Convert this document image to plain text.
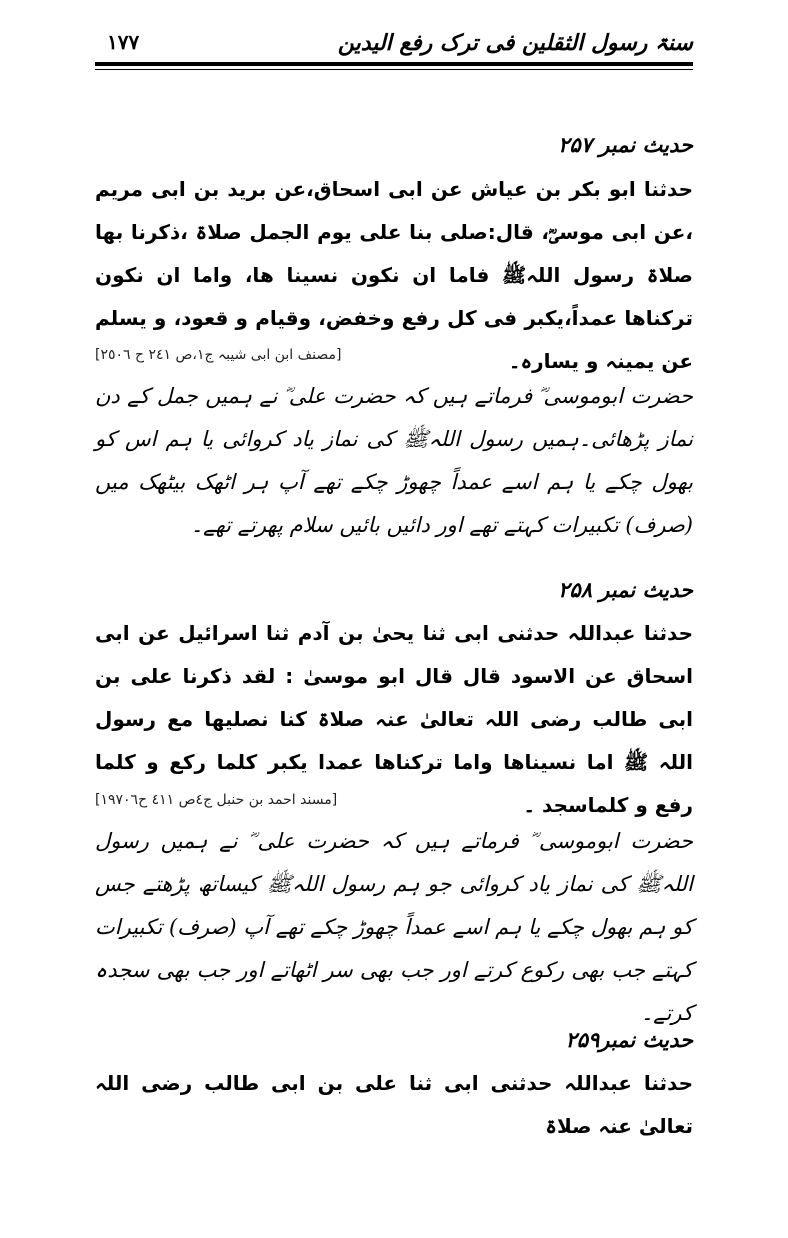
سنۃ رسول الثقلین فی ترک رفع الیدین
۱۷۷
حدیث نمبر ۲۵۷
حدثنا ابو بکر بن عیاش عن ابی اسحاق،عن برید بن ابی مریم ،عن ابی موسیؓ، قال:صلی بنا علی یوم الجمل صلاۃ ،ذکرنا بھا صلاۃ رسول اللہﷺ فاما ان نکون نسینا ھا، واما ان نکون ترکناھا عمداً،یکبر فی کل رفع وخفض، وقیام و قعود، و یسلم عن یمینہ و یسارہ۔
[مصنف ابن ابی شیبہ ج۱،ص ۲٤۱ ح ۲٥٠٦]
حضرت ابوموسی ؓ فرماتے ہیں کہ حضرت علی ؓ نے ہمیں جمل کے دن نماز پڑھائی۔ہمیں رسول اللہﷺ کی نماز یاد کروائی یا ہم اس کو بھول چکے یا ہم اسے عمداً چھوڑ چکے تھے آپ ہر اٹھک بیٹھک میں (صرف) تکبیرات کہتے تھے اور دائیں بائیں سلام پھرتے تھے۔
حدیث نمبر ۲۵۸
حدثنا عبداللہ حدثنی ابی ثنا یحیٰ بن آدم ثنا اسرائیل عن ابی اسحاق عن الاسود قال قال ابو موسیٰ : لقد ذکرنا علی بن ابی طالب رضی اللہ تعالیٰ عنہ صلاۃ کنا نصلیھا مع رسول اللہ ﷺ اما نسیناھا واما ترکناھا عمدا یکبر کلما رکع و کلما رفع و کلماسجد ۔
[مسند احمد بن حنبل ج٤ص ٤١١ ح١٩٧٠٦]
حضرت ابوموسی ؓ فرماتے ہیں کہ حضرت علی ؓ نے ہمیں رسول اللہﷺ کی نماز یاد کروائی جو ہم رسول اللہﷺ کیساتھ پڑھتے جس کو ہم بھول چکے یا ہم اسے عمداً چھوڑ چکے تھے آپ (صرف) تکبیرات کہتے جب بھی رکوع کرتے اور جب بھی سر اٹھاتے اور جب بھی سجدہ کرتے۔
حدیث نمبر۲۵۹
حدثنا عبداللہ حدثنی ابی ثنا علی بن ابی طالب رضی اللہ تعالیٰ عنہ صلاۃ
